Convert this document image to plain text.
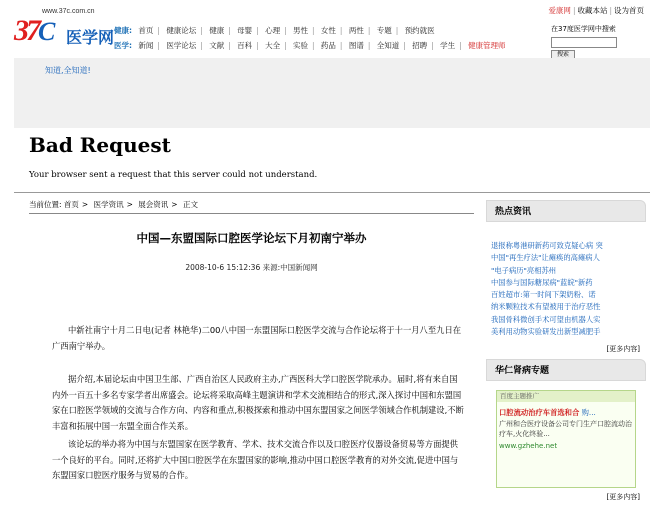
www.37c.com.cn
37C 医学网
爱康网 | 收藏本站 | 设为首页
健康: 首页 | 健康论坛 | 健康 | 母婴 | 心理 | 男性 | 女性 | 两性 | 专题 | 预约就医
医学: 新闻 | 医学论坛 | 文献 | 百科 | 大全 | 实验 | 药品 | 图谱 | 全知道 | 招聘 | 学生 | 健康管理师
在37度医学网中搜索
搜索
知道,全知道!
Bad Request
Your browser sent a request that this server could not understand.
当前位置: 首页 > 医学资讯 > 展会资讯 > 正文
中国—东盟国际口腔医学论坛下月初南宁举办
2008-10-6 15:12:36 来源:中国新闻网

中新社南宁十月二日电(记者 林艳华)二00八中国一东盟国际口腔医学交流与合作论坛将于十一月八至九日在广西南宁举办。

据介绍,本届论坛由中国卫生部、广西自治区人民政府主办,广西医科大学口腔医学院承办。届时,将有来自国内外一百五十多名专家学者出席盛会。论坛将采取高峰主题演讲和学术交流相结合的形式,深入探讨中国和东盟国家在口腔医学领域的交流与合作方向、内容和重点,积极探索和推动中国东盟国家之间医学领域合作机制建设,不断丰富和拓展中国一东盟全面合作关系。

该论坛的举办将为中国与东盟国家在医学教育、学术、技术交流合作以及口腔医疗仪器设备贸易等方面提供一个良好的平台。同时,还将扩大中国口腔医学在东盟国家的影响,推动中国口腔医学教育的对外交流,促进中国与东盟国家口腔医疗服务与贸易的合作。

热点资讯
退报称粤港研新药可致克疑心病 突
中国"再生疗法"让瘫痪的高瘫病人
"电子病历"亮相苏州
中国参与国际糖尿病"蓝皖"新药
百姓超市:第一时间下架奶粉、诺
纳米颗粒技术有望被用于治疗恶性
我国骨科微创手术可望由机器人实
美利用动物实验研发出新型减肥手
[更多内容]
华仁肾病专题
百度主题推广
口腔流动治疗车首选和合 购...
广州和合医疗设备公司专门生产口腔流动治疗车,火化终验...
www.gzhehe.net
[更多内容]
